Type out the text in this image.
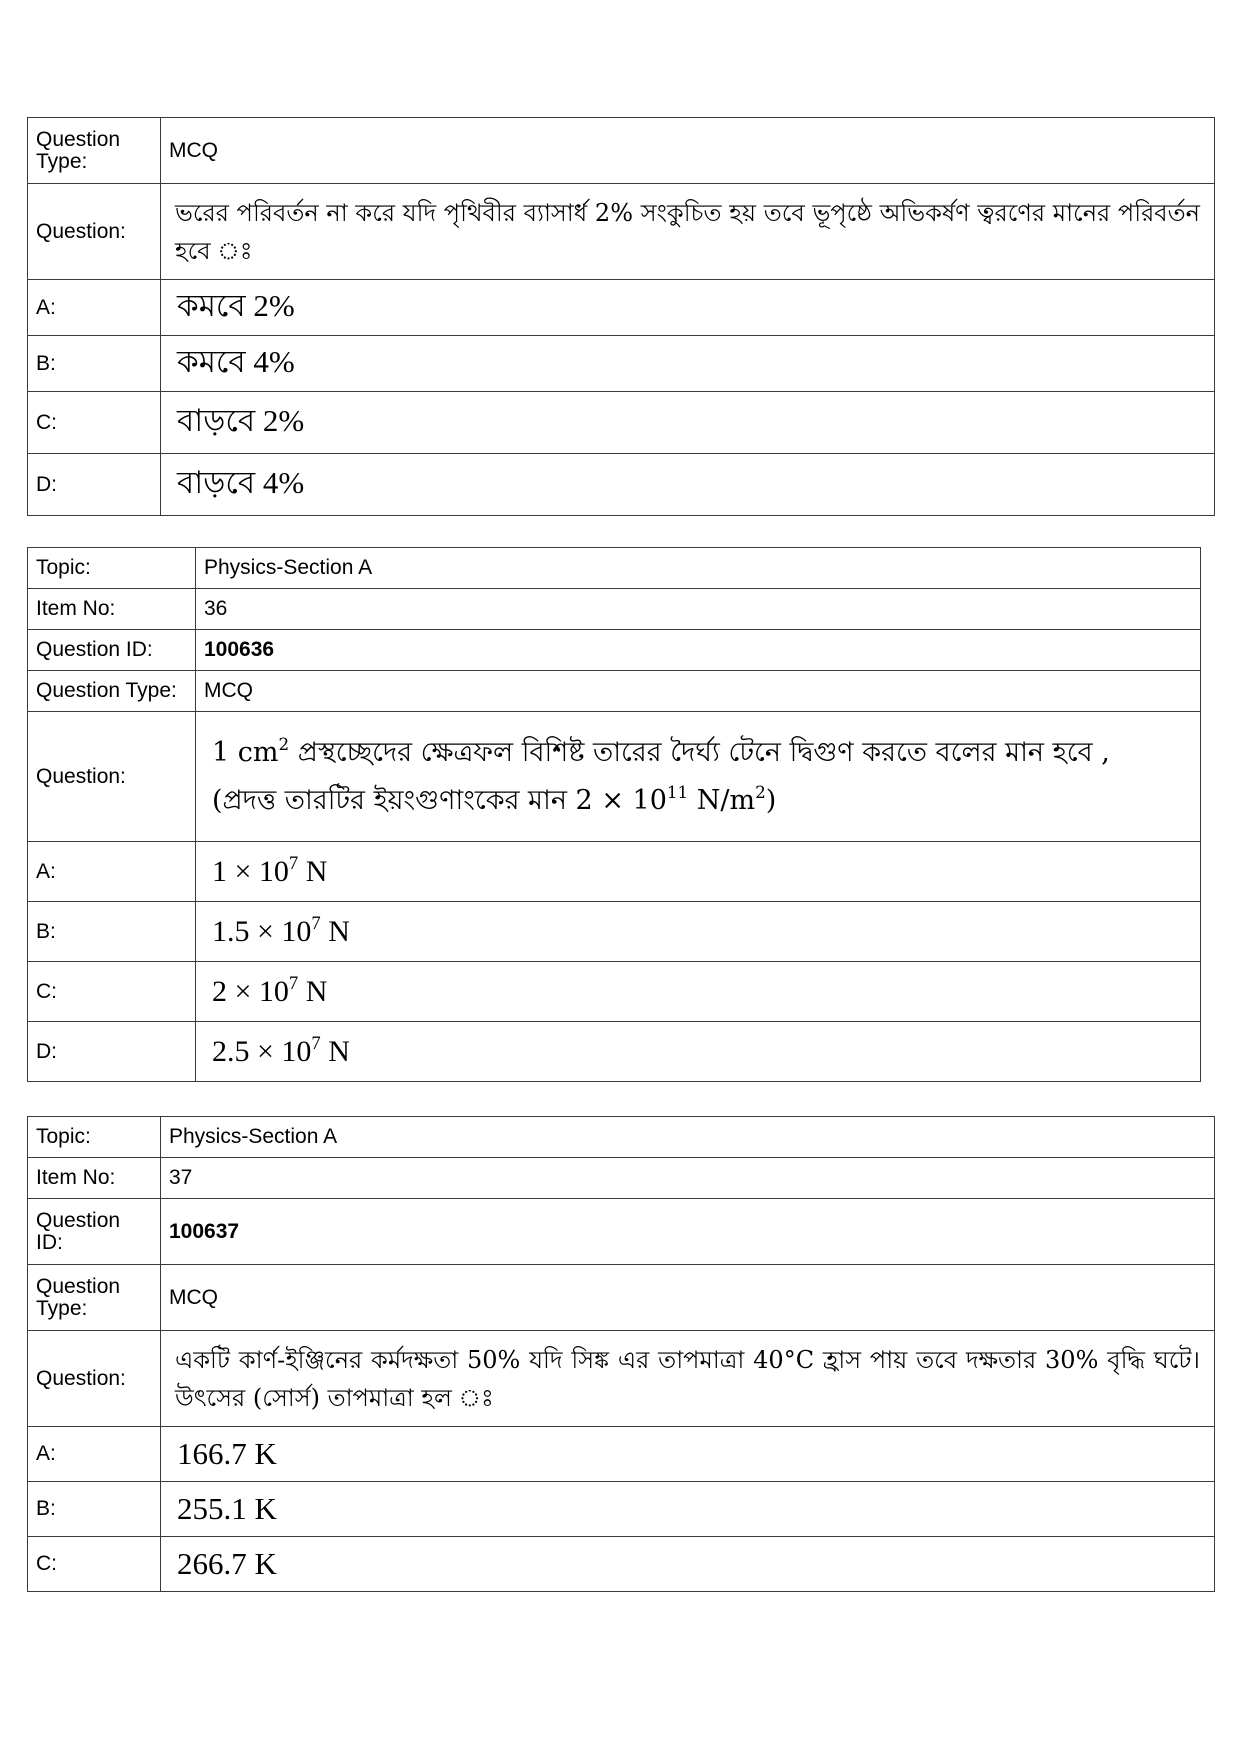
Question Type:	MCQ
Question:	ভরের পরিবর্তন না করে যদি পৃথিবীর ব্যাসার্ধ 2% সংকুচিত হয় তবে ভূপৃষ্ঠে অভিকর্ষণ ত্বরণের মানের পরিবর্তন হবে ঃ
A:	কমবে 2%
B:	কমবে 4%
C:	বাড়বে 2%
D:	বাড়বে 4%
Topic:	Physics-Section A
Item No:	36
Question ID:	100636
Question Type:	MCQ
Question:	1 $cm^2$ প্রস্থচ্ছেদের ক্ষেত্রফল বিশিষ্ট তারের দৈর্ঘ্য টেনে দ্বিগুণ করতে বলের মান হবে ,
(প্রদত্ত তারটির ইয়ংগুণাংকের মান $2 \times 10^{11}$ $N/m^2$)

A:	$1 \times 10^7$ N
B:	$1.5 \times 10^7$ N
C:	$2 \times 10^7$ N
D:	$2.5 \times 10^7$ N
Topic:	Physics-Section A
Item No:	37
Question ID:	100637
Question Type:	MCQ
Question:	একটি কার্ণ-ইঞ্জিনের কর্মদক্ষতা 50% যদি সিঙ্ক এর তাপমাত্রা 40°C হ্রাস পায় তবে দক্ষতার 30% বৃদ্ধি ঘটে। উৎসের (সোর্স) তাপমাত্রা হল ঃ
A:	166.7 K
B:	255.1 K
C:	266.7 K
